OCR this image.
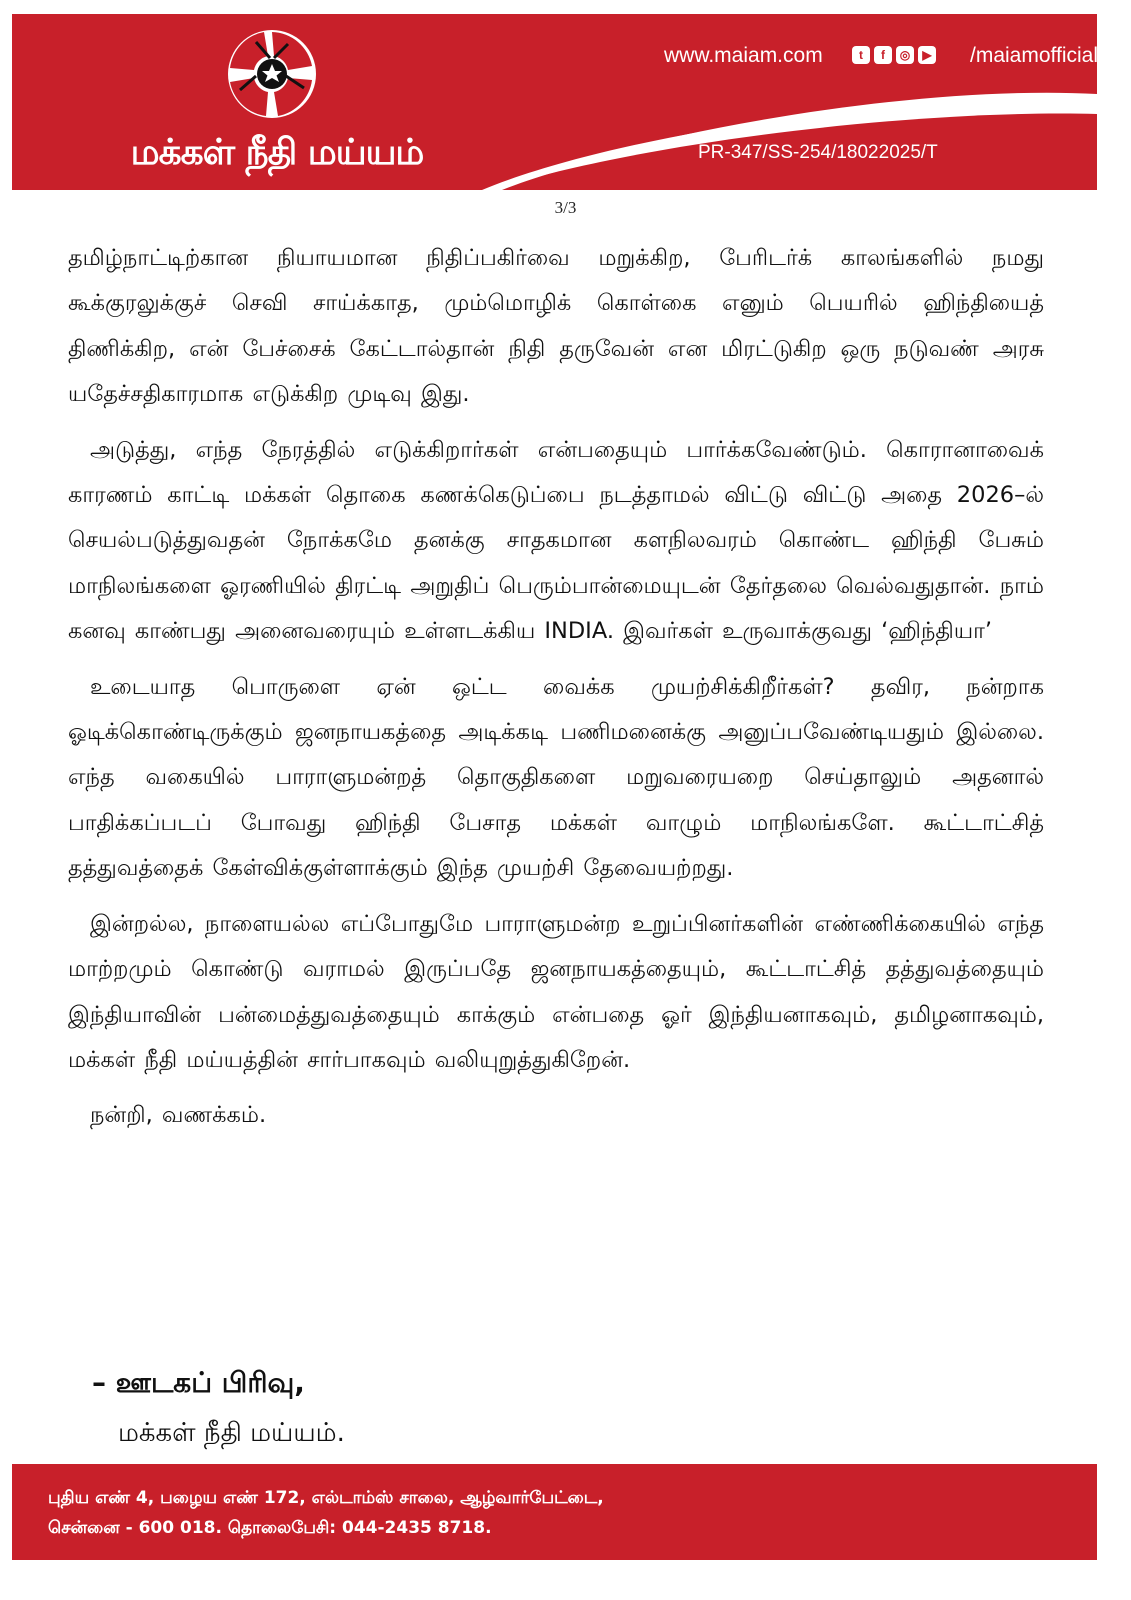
மக்கள் நீதி மய்யம்
www.maiam.com	t	f	◎	▶ /maiamofficial
PR-347/SS-254/18022025/T
3/3

தமிழ்நாட்டிற்கான நியாயமான நிதிப்பகிர்வை மறுக்கிற, பேரிடர்க் காலங்களில் நமது கூக்குரலுக்குச் செவி சாய்க்காத, மும்மொழிக் கொள்கை எனும் பெயரில் ஹிந்தியைத் திணிக்கிற, என் பேச்சைக் கேட்டால்தான் நிதி தருவேன் என மிரட்டுகிற ஒரு நடுவண் அரசு யதேச்சதிகாரமாக எடுக்கிற முடிவு இது.

அடுத்து, எந்த நேரத்தில் எடுக்கிறார்கள் என்பதையும் பார்க்கவேண்டும். கொரானாவைக் காரணம் காட்டி மக்கள் தொகை கணக்கெடுப்பை நடத்தாமல் விட்டு விட்டு அதை 2026–ல் செயல்படுத்துவதன் நோக்கமே தனக்கு சாதகமான களநிலவரம் கொண்ட ஹிந்தி பேசும் மாநிலங்களை ஓரணியில் திரட்டி அறுதிப் பெரும்பான்மையுடன் தேர்தலை வெல்வதுதான். நாம் கனவு காண்பது அனைவரையும் உள்ளடக்கிய INDIA. இவர்கள் உருவாக்குவது ‘ஹிந்தியா’

உடையாத பொருளை ஏன் ஒட்ட வைக்க முயற்சிக்கிறீர்கள்? தவிர, நன்றாக ஓடிக்கொண்டிருக்கும் ஜனநாயகத்தை அடிக்கடி பணிமனைக்கு அனுப்பவேண்டியதும் இல்லை. எந்த வகையில் பாராளுமன்றத் தொகுதிகளை மறுவரையறை செய்தாலும் அதனால் பாதிக்கப்படப் போவது ஹிந்தி பேசாத மக்கள் வாழும் மாநிலங்களே. கூட்டாட்சித் தத்துவத்தைக் கேள்விக்குள்ளாக்கும் இந்த முயற்சி தேவையற்றது.

இன்றல்ல, நாளையல்ல எப்போதுமே பாராளுமன்ற உறுப்பினர்களின் எண்ணிக்கையில் எந்த மாற்றமும் கொண்டு வராமல் இருப்பதே ஜனநாயகத்தையும், கூட்டாட்சித் தத்துவத்தையும் இந்தியாவின் பன்மைத்துவத்தையும் காக்கும் என்பதை ஓர் இந்தியனாகவும், தமிழனாகவும், மக்கள் நீதி மய்யத்தின் சார்பாகவும் வலியுறுத்துகிறேன்.

நன்றி, வணக்கம்.

– ஊடகப் பிரிவு,
மக்கள் நீதி மய்யம்.
புதிய எண் 4, பழைய எண் 172, எல்டாம்ஸ் சாலை, ஆழ்வார்பேட்டை,
சென்னை - 600 018. தொலைபேசி: 044-2435 8718.
